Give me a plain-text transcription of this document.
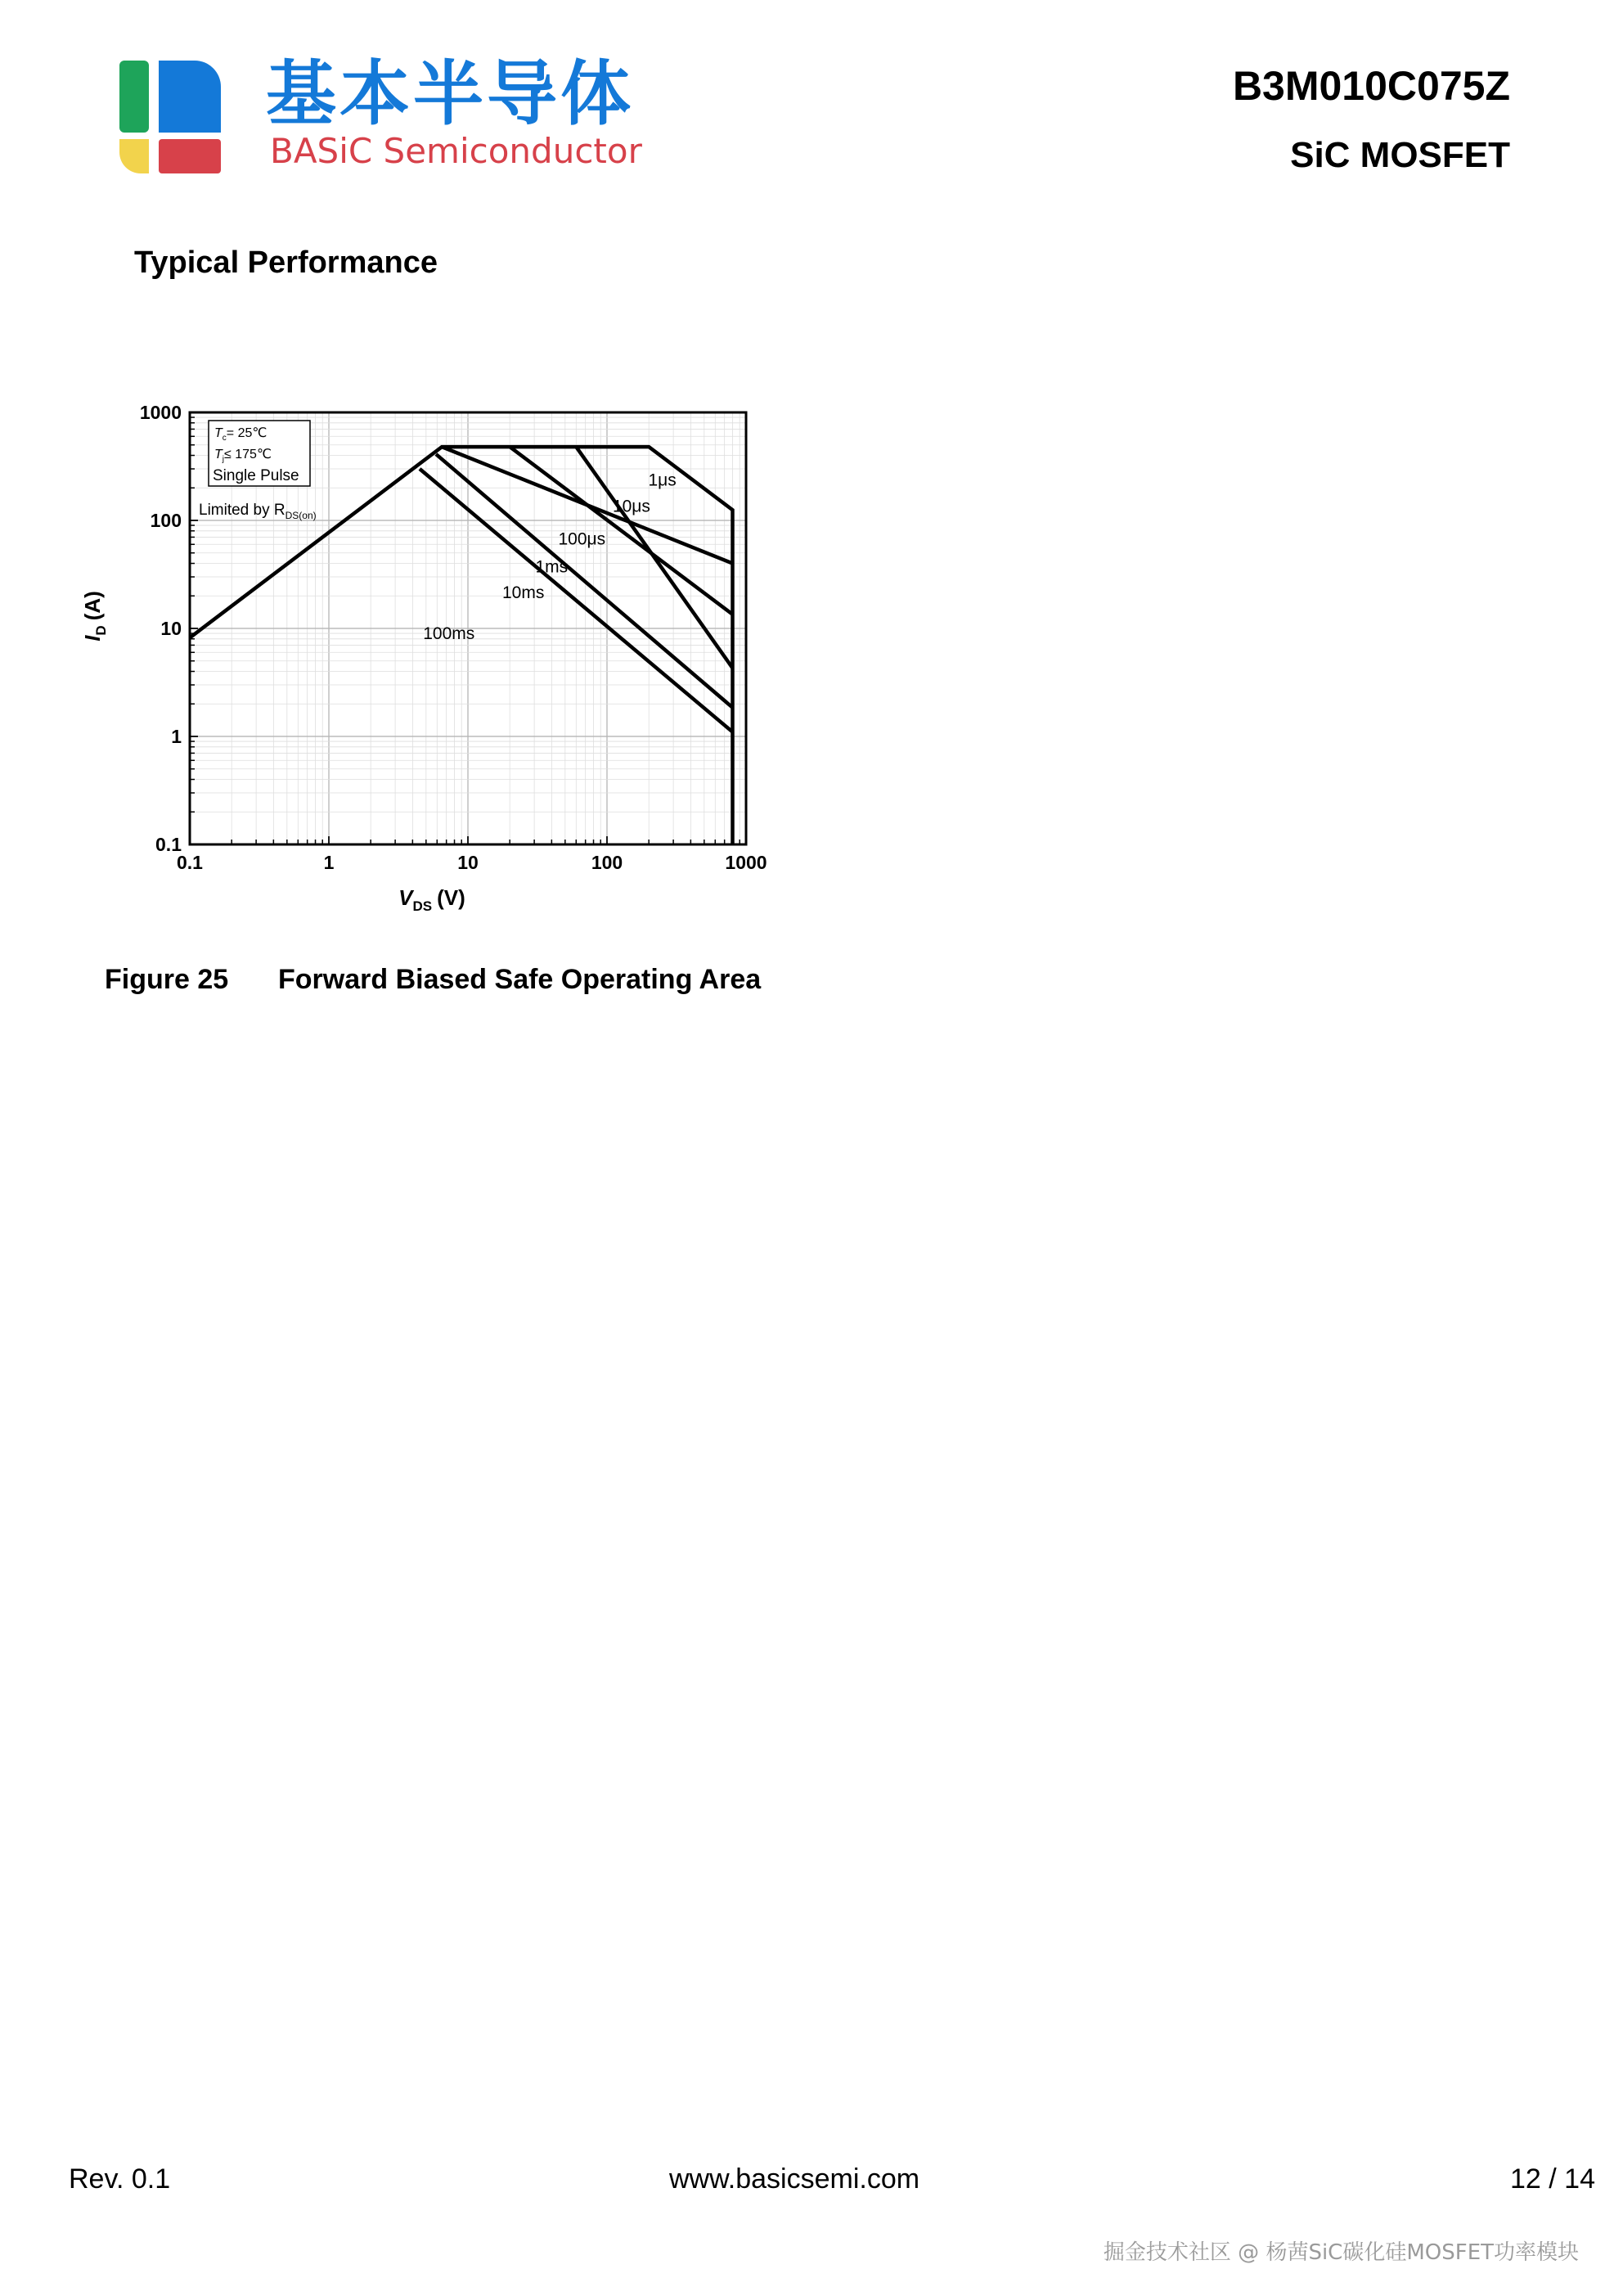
基本半导体
BASiC Semiconductor
B3M010C075Z
SiC MOSFET
Typical Performance
0.1	1	10	100	1000
0.1
1
10
100
1000
1μs
10μs
100μs
1ms
10ms
100ms
$T_c=$ 25℃
$T_j\le$ 175℃
Single Pulse
Limited by $R_{DS(on)}$
$V_{DS}$ (V)
$I_D(A)$
Figure 25 Forward Biased Safe Operating Area
Rev. 0.1	www.basicsemi.com	12 / 14
掘金技术社区 @ 杨茜SiC碳化硅MOSFET功率模块
